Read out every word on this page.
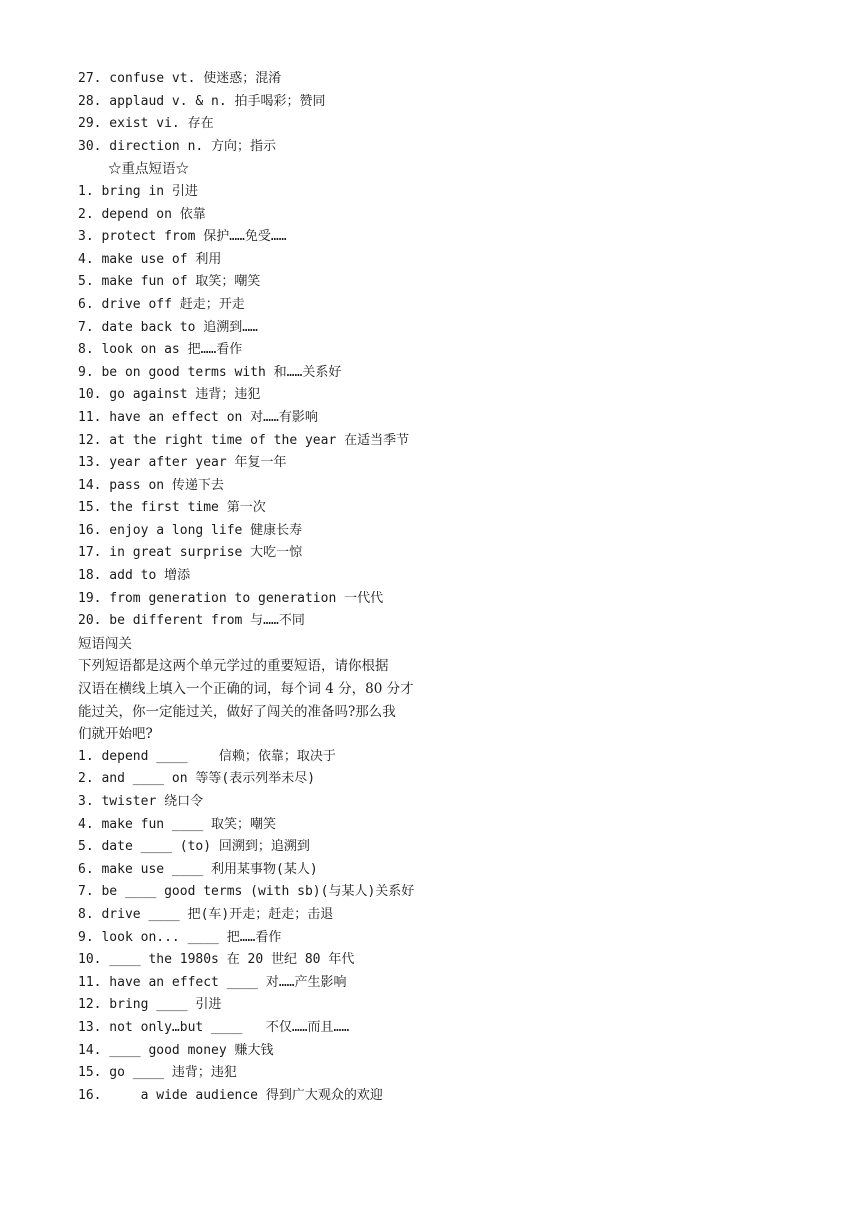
27. confuse vt. 使迷惑；混淆
28. applaud v. & n. 拍手喝彩；赞同
29. exist vi. 存在
30. direction n. 方向；指示
☆重点短语☆
1. bring in 引进
2. depend on 依靠
3. protect from 保护……免受……
4. make use of 利用
5. make fun of 取笑；嘲笑
6. drive off 赶走；开走
7. date back to 追溯到……
8. look on as 把……看作
9. be on good terms with 和……关系好
10. go against 违背；违犯
11. have an effect on 对……有影响
12. at the right time of the year 在适当季节
13. year after year 年复一年
14. pass on 传递下去
15. the first time 第一次
16. enjoy a long life 健康长寿
17. in great surprise 大吃一惊
18. add to 增添
19. from generation to generation 一代代
20. be different from 与……不同
短语闯关
下列短语都是这两个单元学过的重要短语，请你根据
汉语在横线上填入一个正确的词，每个词 4 分，80 分才
能过关，你一定能过关，做好了闯关的准备吗?那么我
们就开始吧?
1. depend ____    信赖；依靠；取决于
2. and ____ on 等等(表示列举未尽)
3. twister 绕口令
4. make fun ____ 取笑；嘲笑
5. date ____ (to) 回溯到；追溯到
6. make use ____ 利用某事物(某人)
7. be ____ good terms (with sb)(与某人)关系好
8. drive ____ 把(车)开走；赶走；击退
9. look on... ____ 把……看作
10. ____ the 1980s 在 20 世纪 80 年代
11. have an effect ____ 对……产生影响
12. bring ____ 引进
13. not only…but ____   不仅……而且……
14. ____ good money 赚大钱
15. go ____ 违背；违犯
16.     a wide audience 得到广大观众的欢迎
